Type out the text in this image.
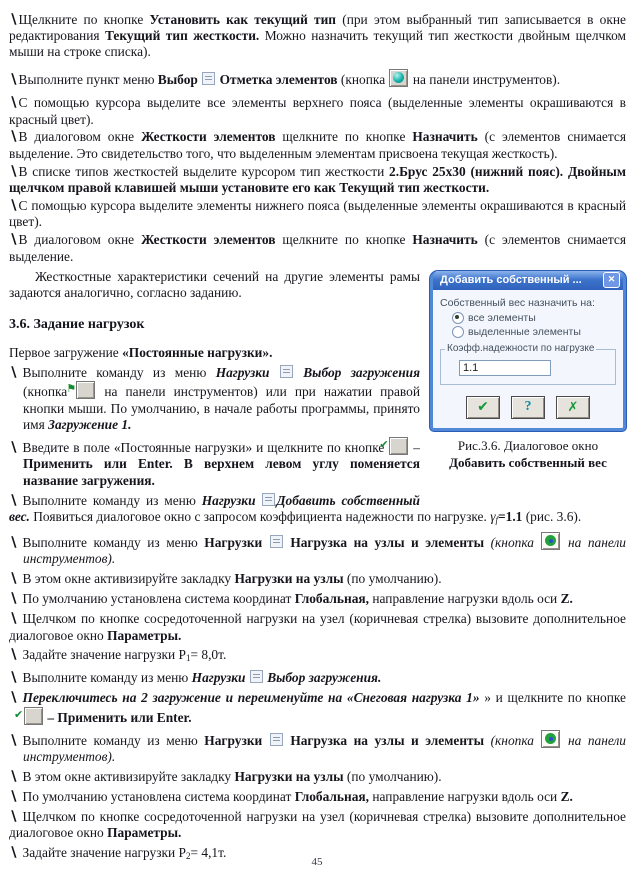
∖Щелкните по кнопке Установить как текущий тип (при этом выбранный тип записывается в окне редактирования Текущий тип жесткости. Можно назначить текущий тип жесткости двойным щелчком мыши на строке списка).
∖Выполните пункт меню Выбор Отметка элементов (кнопка  на панели инструментов).
∖С помощью курсора выделите все элементы верхнего пояса (выделенные элементы окрашиваются в красный цвет).
∖В диалоговом окне Жесткости элементов щелкните по кнопке Назначить (с элементов снимается выделение. Это свидетельство того, что выделенным элементам присвоена текущая жесткость).
∖В списке типов жесткостей выделите курсором тип жесткости 2.Брус 25х30 (нижний пояс). Двойным щелчком правой клавишей мыши установите его как Текущий тип жесткости.
∖С помощью курсора выделите элементы нижнего пояса (выделенные элементы окрашиваются в красный цвет).
∖В диалоговом окне Жесткости элементов щелкните по кнопке Назначить (с элементов снимается выделение.
Добавить собственный ...	✕
Собственный вес назначить на:
все элементы
выделенные элементы
Коэфф.надежности по нагрузке
1.1
✔
?	✗
Рис.3.6. Диалоговое окно
Добавить собственный вес
Жесткостные характеристики сечений на другие элементы рамы задаются аналогично, согласно заданию.
3.6. Задание нагрузок
Первое загружение «Постоянные нагрузки».
∖ Выполните команду из меню Нагрузки	Выбор загружения (кнопка ⚑ на панели инструментов) или при нажатии правой кнопки мыши. По умолчанию, в начале работы программы, принято имя Загружение 1.
∖ Введите в поле «Постоянные нагрузки» и щелкните по кнопке ✔ – Применить или Enter. В верхнем левом углу поменяется название загружения.
∖ Выполните команду из меню Нагрузки Добавить собственный вес. Появиться диалоговое окно с запросом коэффициента надежности по нагрузке. γf=1.1 (рис. 3.6).
∖ Выполните команду из меню Нагрузки Нагрузка на узлы и элементы (кнопка  на панели инструментов).
∖ В этом окне активизируйте закладку Нагрузки на узлы (по умолчанию).
∖ По умолчанию установлена система координат Глобальная, направление нагрузки вдоль оси Z.
∖ Щелчком по кнопке сосредоточенной нагрузки на узел (коричневая стрелка) вызовите дополнительное диалоговое окно Параметры.
∖ Задайте значение нагрузки $P_1= 8,0т$.
∖ Выполните команду из меню Нагрузки Выбор загружения.
∖ Переключитесь на 2 загружение и переименуйте на «Снеговая нагрузка 1» » и щелкните по кнопке ✔ – Применить или Enter.
∖ Выполните команду из меню Нагрузки Нагрузка на узлы и элементы (кнопка  на панели инструментов).
∖ В этом окне активизируйте закладку Нагрузки на узлы (по умолчанию).
∖ По умолчанию установлена система координат Глобальная, направление нагрузки вдоль оси Z.
∖ Щелчком по кнопке сосредоточенной нагрузки на узел (коричневая стрелка) вызовите дополнительное диалоговое окно Параметры.
∖ Задайте значение нагрузки $P_2= 4,1т$.
45
